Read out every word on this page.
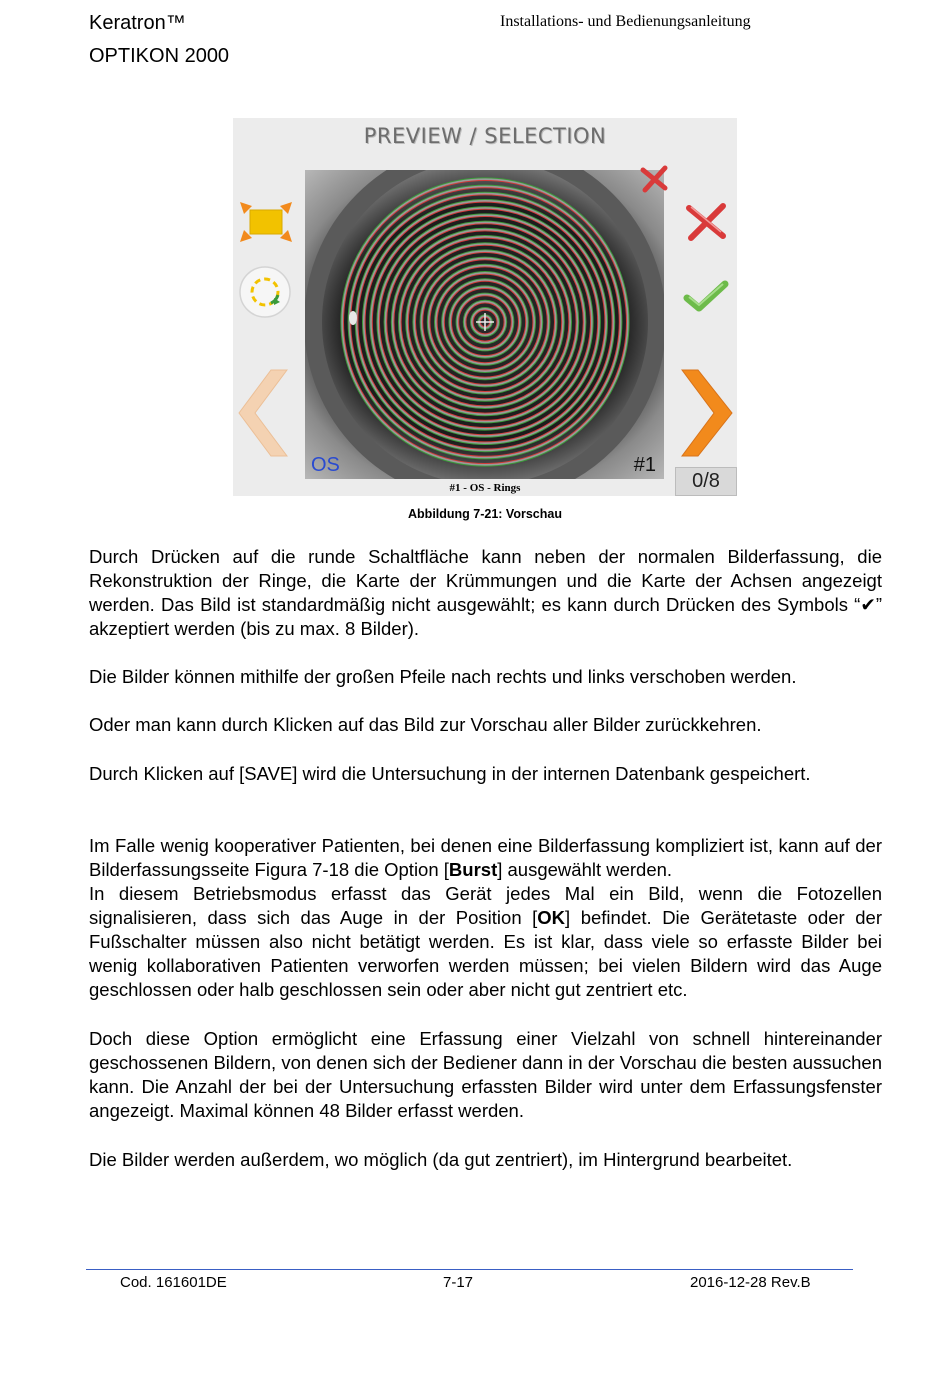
Keratron™
OPTIKON 2000
Installations- und Bedienungsanleitung
PREVIEW / SELECTION
OS	#1
0/8
#1 - OS - Rings
Abbildung 7-21: Vorschau
Durch Drücken auf die runde Schaltfläche kann neben der normalen Bilderfassung, die Rekonstruktion der Ringe, die Karte der Krümmungen und die Karte der Achsen angezeigt werden. Das Bild ist standardmäßig nicht ausgewählt; es kann durch Drücken des Symbols “✔” akzeptiert werden (bis zu max. 8 Bilder).
Die Bilder können mithilfe der großen Pfeile nach rechts und links verschoben werden.
Oder man kann durch Klicken auf das Bild zur Vorschau aller Bilder zurückkehren.
Durch Klicken auf [SAVE] wird die Untersuchung in der internen Datenbank gespeichert.
Im Falle wenig kooperativer Patienten, bei denen eine Bilderfassung kompliziert ist, kann auf der Bilderfassungsseite Figura 7-18 die Option [Burst] ausgewählt werden.
In diesem Betriebsmodus erfasst das Gerät jedes Mal ein Bild, wenn die Fotozellen signalisieren, dass sich das Auge in der Position [OK] befindet. Die Gerätetaste oder der Fußschalter müssen also nicht betätigt werden. Es ist klar, dass viele so erfasste Bilder bei wenig kollaborativen Patienten verworfen werden müssen; bei vielen Bildern wird das Auge geschlossen oder halb geschlossen sein oder aber nicht gut zentriert etc.
Doch diese Option ermöglicht eine Erfassung einer Vielzahl von schnell hintereinander geschossenen Bildern, von denen sich der Bediener dann in der Vorschau die besten aussuchen kann. Die Anzahl der bei der Untersuchung erfassten Bilder wird unter dem Erfassungsfenster angezeigt. Maximal können 48 Bilder erfasst werden.
Die Bilder werden außerdem, wo möglich (da gut zentriert), im Hintergrund bearbeitet.
Cod. 161601DE	7-17	2016-12-28 Rev.B
